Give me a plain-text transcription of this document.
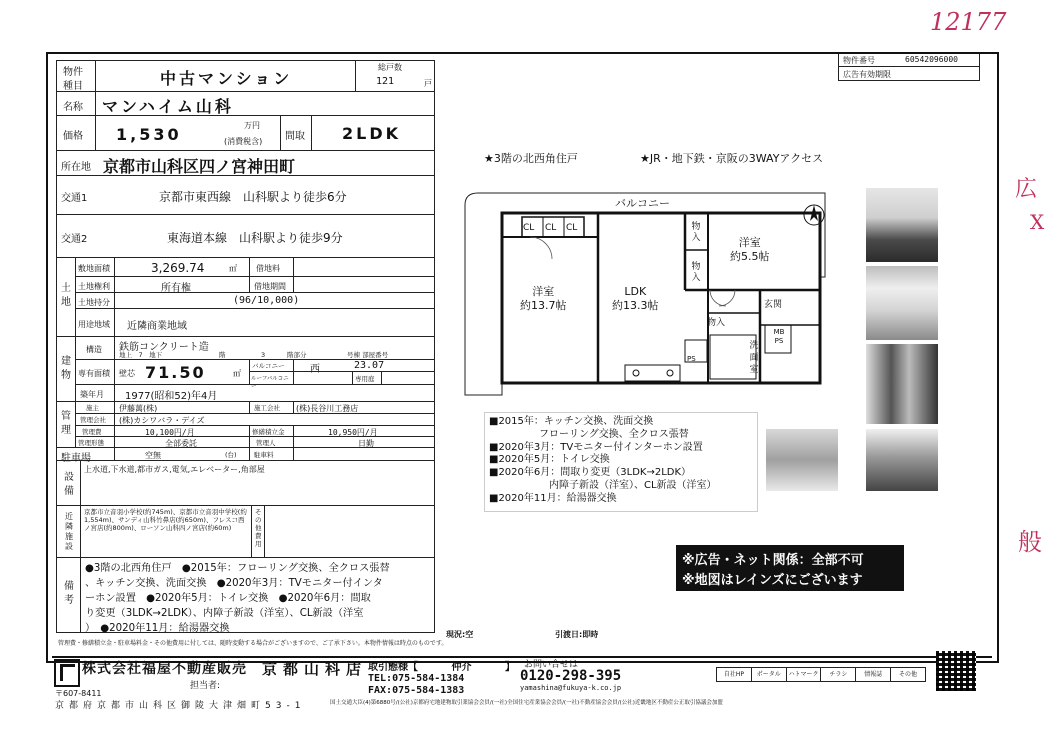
12177
広
X
般
物件番号	60542096000
広告有効期限
物件
種目	中古マンション
総戸数
121	戸
名称 マンハイム山科
価格 1,530	万円
(消費税含) 間取 2LDK
所在地 京都市山科区四ノ宮神田町
交通1	京都市東西線　山科駅より徒歩6分
交通2	東海道本線　山科駅より徒歩9分
土地
敷地面積	3,269.74	㎡ 借地料
土地権利	所有権	借地期間
土地持分	(96/10,000)
用途地域 近隣商業地域
建物
構造 鉄筋コンクリート造
地上　7　地下	階	3	階部分	号棟 部屋番号
専有面積 壁芯 71.50	㎡
バルコニー	西	23.07
ルーフバルコニー
専用庭
築年月 1977(昭和52)年4月
管理
施主	伊藤萬(株)	施工会社 (株)長谷川工務店
管理会社 (株)カシワバラ・デイズ
管理費	10,100円/月	修繕積立金	10,950円/月
管理形態	全部委託	管理人	日勤
駐車場	空無	(台)	駐車料
設備
上水道,下水道,都市ガス,電気,エレベーター,角部屋
近隣施設
京都市立音羽小学校(約745m)、京都市立音羽中学校(約1,554m)、サンディ山科竹鼻店(約650m)、フレスコ西ノ宮店(約800m)、ローソン山科四ノ宮店(約60m)
その他費用
備考
●3階の北西角住戸　●2015年：フローリング交換、全クロス張替
、キッチン交換、洗面交換　●2020年3月：TVモニター付インタ
ーホン設置　●2020年5月：トイレ交換　●2020年6月：間取
り変更（3LDK→2LDK）、内障子新設（洋室）、CL新設（洋室
）　●2020年11月：給湯器交換
管理費・修繕積立金・駐車場料金・その他費用に付しては、随時変動する場合がございますので、ご了承下さい。本物件情報は時点のものです。
現況:空	引渡日:即時
★3階の北西角住戸	★JR・地下鉄・京阪の3WAYアクセス
バルコニー
CL CL CL	物入
物入
洋室
約13.7帖
LDK
約13.3帖
洋室
約5.5帖
玄関
物入
洗面室
PS
MB PS
■2015年：キッチン交換、洗面交換
　　　　　フローリング交換、全クロス張替
■2020年3月：TVモニター付インターホン設置
■2020年5月：トイレ交換
■2020年6月：間取り変更（3LDK→2LDK）
　　　　　　内障子新設（洋室）、CL新設（洋室）
■2020年11月：給湯器交換
※広告・ネット関係：全部不可
※地図はレインズにございます
株式会社福屋不動産販売 京都山科店
担当者:
〒607-8411
京都府京都市山科区御陵大津畑町53-1
取引態様【	仲介	】
TEL:075-584-1384
FAX:075-584-1383
お問い合せは
0120-298-395
yamashina@fukuya-k.co.jp
自社HP	ポータル	ハトマーク	チラシ	情報誌	その他
国土交通大臣(4)第6880号/(公社)京都府宅地建物取引業協会会員/(一社)全国住宅産業協会会員/(一社)不動産協会会員/(公社)近畿地区不動産公正取引協議会加盟
